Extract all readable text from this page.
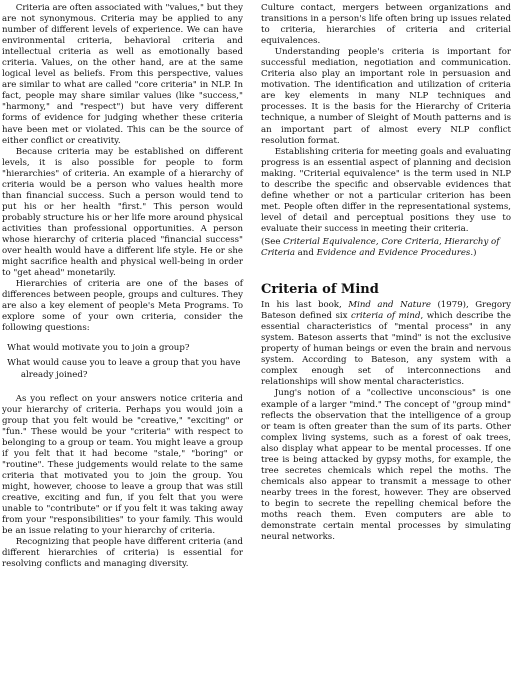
Criteria are often associated with "values," but they are not synonymous. Criteria may be applied to any number of different levels of experience. We can have environmental criteria, behavioral criteria and intellectual criteria as well as emotionally based criteria. Values, on the other hand, are at the same logical level as beliefs. From this perspective, values are similar to what are called "core criteria" in NLP. In fact, people may share similar values (like "success," "harmony," and "respect") but have very different forms of evidence for judging whether these criteria have been met or violated. This can be the source of either conflict or creativity.

Because criteria may be established on different levels, it is also possible for people to form "hierarchies" of criteria. An example of a hierarchy of criteria would be a person who values health more than financial success. Such a person would tend to put his or her health "first." This person would probably structure his or her life more around physical activities than professional opportunities. A person whose hierarchy of criteria placed "financial success" over health would have a different life style. He or she might sacrifice health and physical well-being in order to "get ahead" monetarily.

Hierarchies of criteria are one of the bases of differences between people, groups and cultures. They are also a key element of people's Meta Programs. To explore some of your own criteria, consider the following questions:

What would motivate you to join a group?

What would cause you to leave a group that you have already joined?

As you reflect on your answers notice criteria and your hierarchy of criteria. Perhaps you would join a group that you felt would be "creative," "exciting" or "fun." These would be your "criteria" with respect to belonging to a group or team. You might leave a group if you felt that it had become "stale," "boring" or "routine". These judgements would relate to the same criteria that motivated you to join the group. You might, however, choose to leave a group that was still creative, exciting and fun, if you felt that you were unable to "contribute" or if you felt it was taking away from your "responsibilities" to your family. This would be an issue relating to your hierarchy of criteria.

Recognizing that people have different criteria (and different hierarchies of criteria) is essential for resolving conflicts and managing diversity.

Culture contact, mergers between organizations and transitions in a person's life often bring up issues related to criteria, hierarchies of criteria and criterial equivalences.

Understanding people's criteria is important for successful mediation, negotiation and communication. Criteria also play an important role in persuasion and motivation. The identification and utilization of criteria are key elements in many NLP techniques and processes. It is the basis for the Hierarchy of Criteria technique, a number of Sleight of Mouth patterns and is an important part of almost every NLP conflict resolution format.

Establishing criteria for meeting goals and evaluating progress is an essential aspect of planning and decision making. "Criterial equivalence" is the term used in NLP to describe the specific and observable evidences that define whether or not a particular criterion has been met. People often differ in the representational systems, level of detail and perceptual positions they use to evaluate their success in meeting their criteria.

(See Criterial Equivalence, Core Criteria, Hierarchy of Criteria and Evidence and Evidence Procedures.)

Criteria of Mind

In his last book, Mind and Nature (1979), Gregory Bateson defined six criteria of mind, which describe the essential characteristics of "mental process" in any system. Bateson asserts that "mind" is not the exclusive property of human beings or even the brain and nervous system. According to Bateson, any system with a complex enough set of interconnections and relationships will show mental characteristics.

Jung's notion of a "collective unconscious" is one example of a larger "mind." The concept of "group mind" reflects the observation that the intelligence of a group or team is often greater than the sum of its parts. Other complex living systems, such as a forest of oak trees, also display what appear to be mental processes. If one tree is being attacked by gypsy moths, for example, the tree secretes chemicals which repel the moths. The chemicals also appear to transmit a message to other nearby trees in the forest, however. They are observed to begin to secrete the repelling chemical before the moths reach them. Even computers are able to demonstrate certain mental processes by simulating neural networks.
